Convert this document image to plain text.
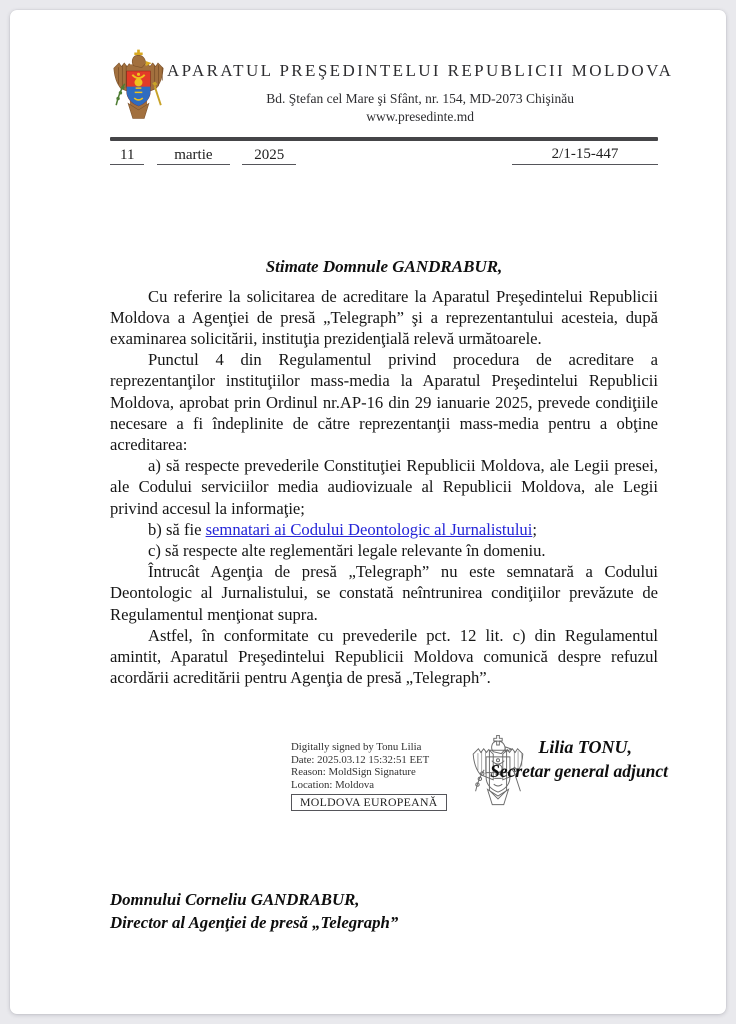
APARATUL PREŞEDINTELUI REPUBLICII MOLDOVA
Bd. Ştefan cel Mare şi Sfânt, nr. 154, MD-2073 Chişinău
www.presedinte.md
11	martie	2025	2/1-15-447
Stimate Domnule GANDRABUR,

Cu referire la solicitarea de acreditare la Aparatul Preşedintelui Republicii Moldova a Agenţiei de presă „Telegraph” şi a reprezentantului acesteia, după examinarea solicitării, instituţia prezidenţială relevă următoarele.

Punctul 4 din Regulamentul privind procedura de acreditare a reprezentanţilor instituţiilor mass-media la Aparatul Preşedintelui Republicii Moldova, aprobat prin Ordinul nr.AP-16 din 29 ianuarie 2025, prevede condiţiile necesare a fi îndeplinite de către reprezentanţii mass-media pentru a obţine acreditarea:

a) să respecte prevederile Constituţiei Republicii Moldova, ale Legii presei, ale Codului serviciilor media audiovizuale al Republicii Moldova, ale Legii privind accesul la informaţie;

b) să fie semnatari ai Codului Deontologic al Jurnalistului;

c) să respecte alte reglementări legale relevante în domeniu.

Întrucât Agenţia de presă „Telegraph” nu este semnatară a Codului Deontologic al Jurnalistului, se constată neîntrunirea condiţiilor prevăzute de Regulamentul menţionat supra.

Astfel, în conformitate cu prevederile pct. 12 lit. c) din Regulamentul amintit, Aparatul Preşedintelui Republicii Moldova comunică despre refuzul acordării acreditării pentru Agenţia de presă „Telegraph”.

Digitally signed by Tonu Lilia
Date: 2025.03.12 15:32:51 EET
Reason: MoldSign Signature
Location: Moldova
MOLDOVA EUROPEANĂ
Lilia TONU,
Secretar general adjunct
Domnului Corneliu GANDRABUR,
Director al Agenţiei de presă „Telegraph”
